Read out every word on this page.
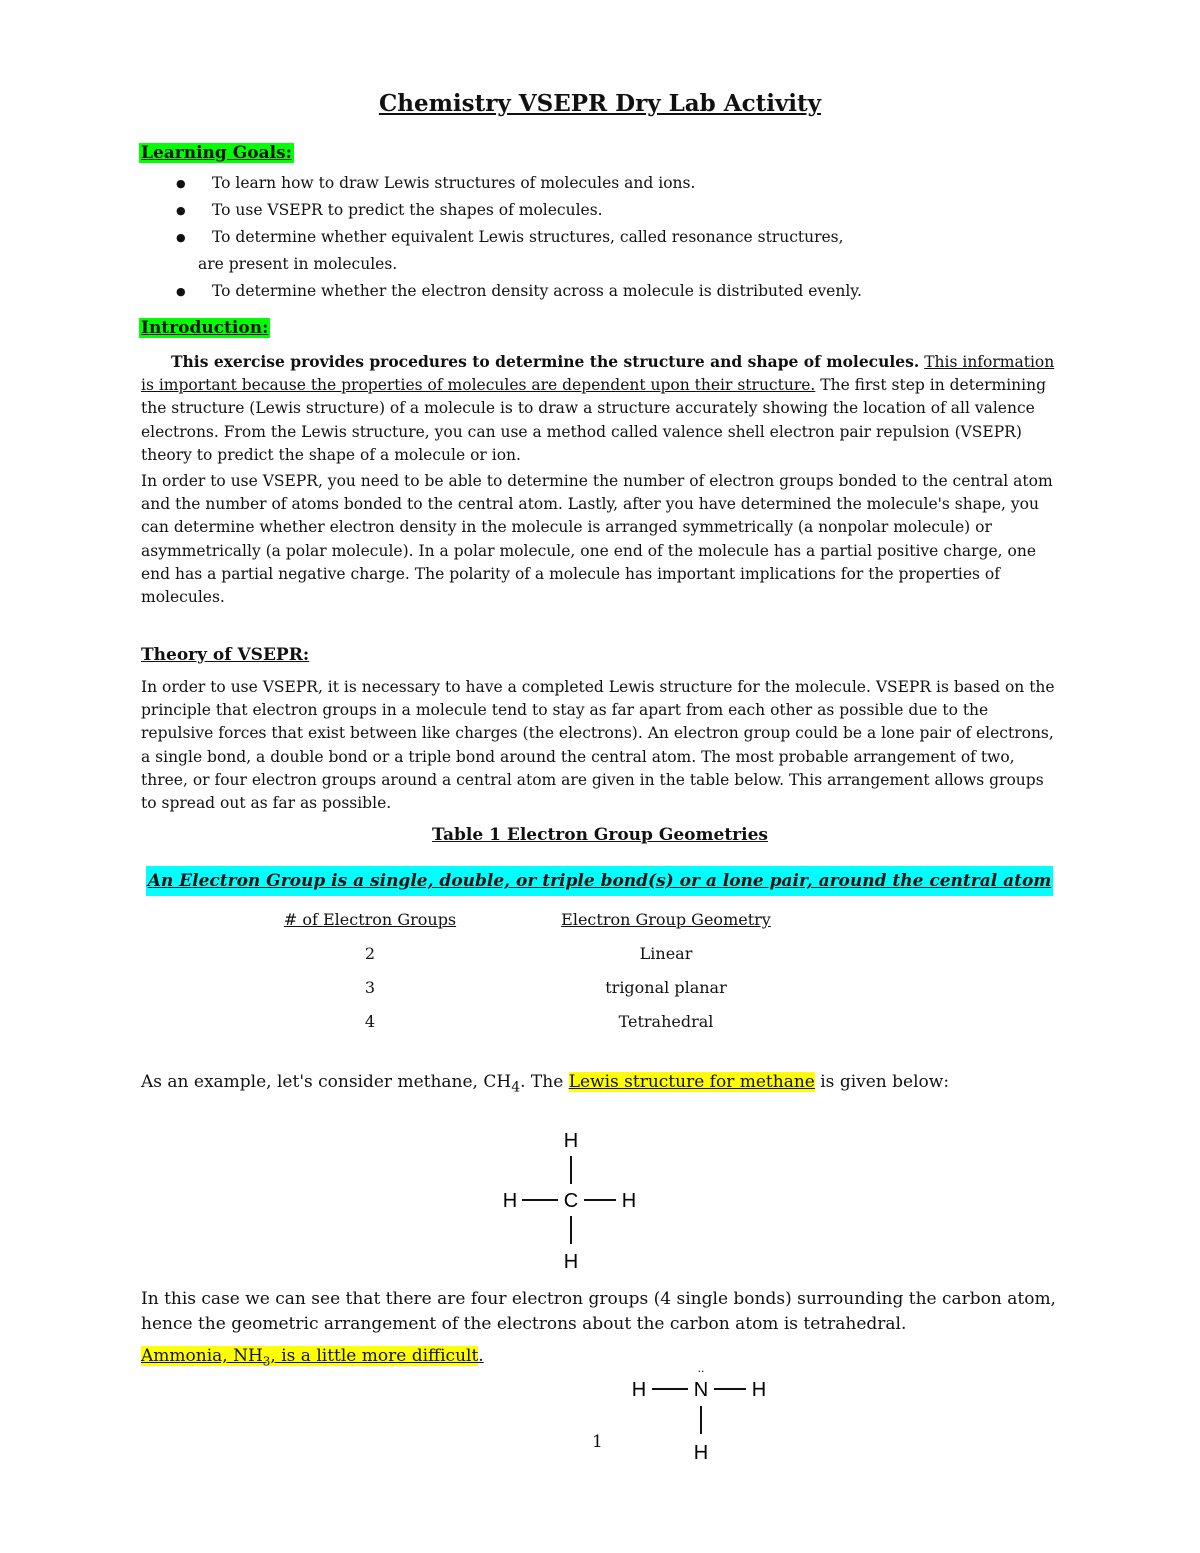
Chemistry VSEPR Dry Lab Activity
Learning Goals:
● To learn how to draw Lewis structures of molecules and ions.
● To use VSEPR to predict the shapes of molecules.
● To determine whether equivalent Lewis structures, called resonance structures,
are present in molecules.
● To determine whether the electron density across a molecule is distributed evenly.
Introduction:

This exercise provides procedures to determine the structure and shape of molecules. This information is important because the properties of molecules are dependent upon their structure. The first step in determining the structure (Lewis structure) of a molecule is to draw a structure accurately showing the location of all valence electrons. From the Lewis structure, you can use a method called valence shell electron pair repulsion (VSEPR) theory to predict the shape of a molecule or ion.

In order to use VSEPR, you need to be able to determine the number of electron groups bonded to the central atom and the number of atoms bonded to the central atom. Lastly, after you have determined the molecule's shape, you can determine whether electron density in the molecule is arranged symmetrically (a nonpolar molecule) or asymmetrically (a polar molecule). In a polar molecule, one end of the molecule has a partial positive charge, one end has a partial negative charge. The polarity of a molecule has important implications for the properties of molecules.

Theory of VSEPR:

In order to use VSEPR, it is necessary to have a completed Lewis structure for the molecule. VSEPR is based on the principle that electron groups in a molecule tend to stay as far apart from each other as possible due to the repulsive forces that exist between like charges (the electrons). An electron group could be a lone pair of electrons, a single bond, a double bond or a triple bond around the central atom. The most probable arrangement of two, three, or four electron groups around a central atom are given in the table below. This arrangement allows groups to spread out as far as possible.

Table 1 Electron Group Geometries
An Electron Group is a single, double, or triple bond(s) or a lone pair, around the central atom
# of Electron Groups	Electron Group Geometry
2	Linear
3	trigonal planar
4	Tetrahedral
As an example, let's consider methane, $CH_4$. The Lewis structure for methane is given below:
H
H C H
H

In this case we can see that there are four electron groups (4 single bonds) surrounding the carbon atom, hence the geometric arrangement of the electrons about the carbon atom is tetrahedral.

Ammonia, $NH_3$, is a little more difficult.
..
H N H
H
1
